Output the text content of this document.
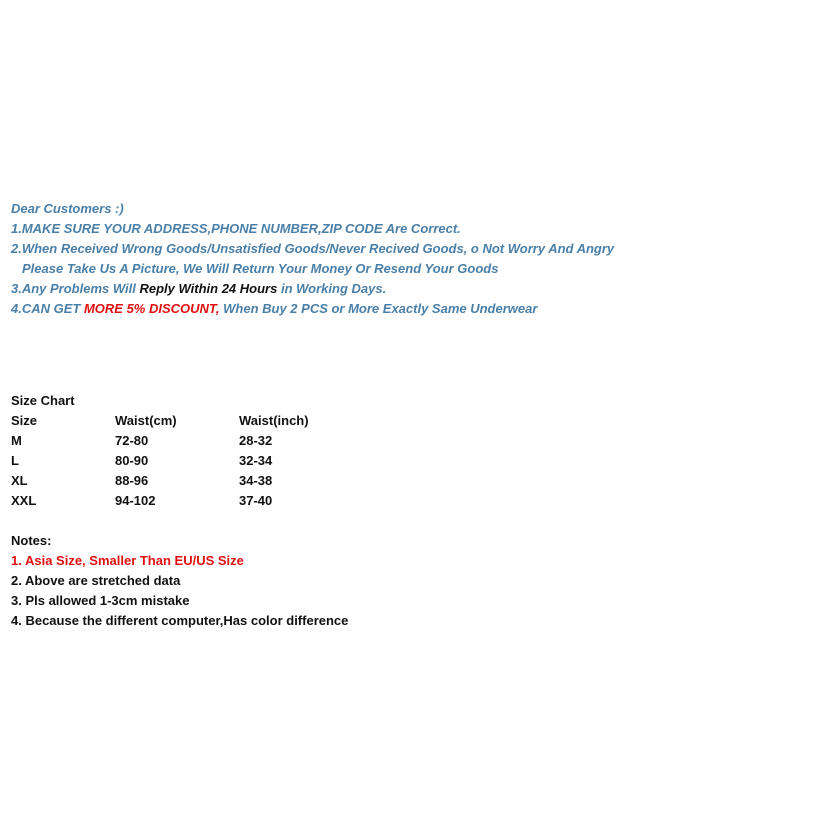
Dear Customers :)
1.MAKE SURE YOUR ADDRESS,PHONE NUMBER,ZIP CODE Are Correct.
2.When Received Wrong Goods/Unsatisfied Goods/Never Recived Goods, o Not Worry And Angry
Please Take Us A Picture, We Will Return Your Money Or Resend Your Goods
3.Any Problems Will Reply Within 24 Hours in Working Days.
4.CAN GET MORE 5% DISCOUNT, When Buy 2 PCS or More Exactly Same Underwear
Size Chart
Size	Waist(cm)	Waist(inch)
M	72-80	28-32
L	80-90	32-34
XL	88-96	34-38
XXL	94-102	37-40
Notes:
1. Asia Size, Smaller Than EU/US Size
2. Above are stretched data
3. Pls allowed 1-3cm mistake
4. Because the different computer,Has color difference
